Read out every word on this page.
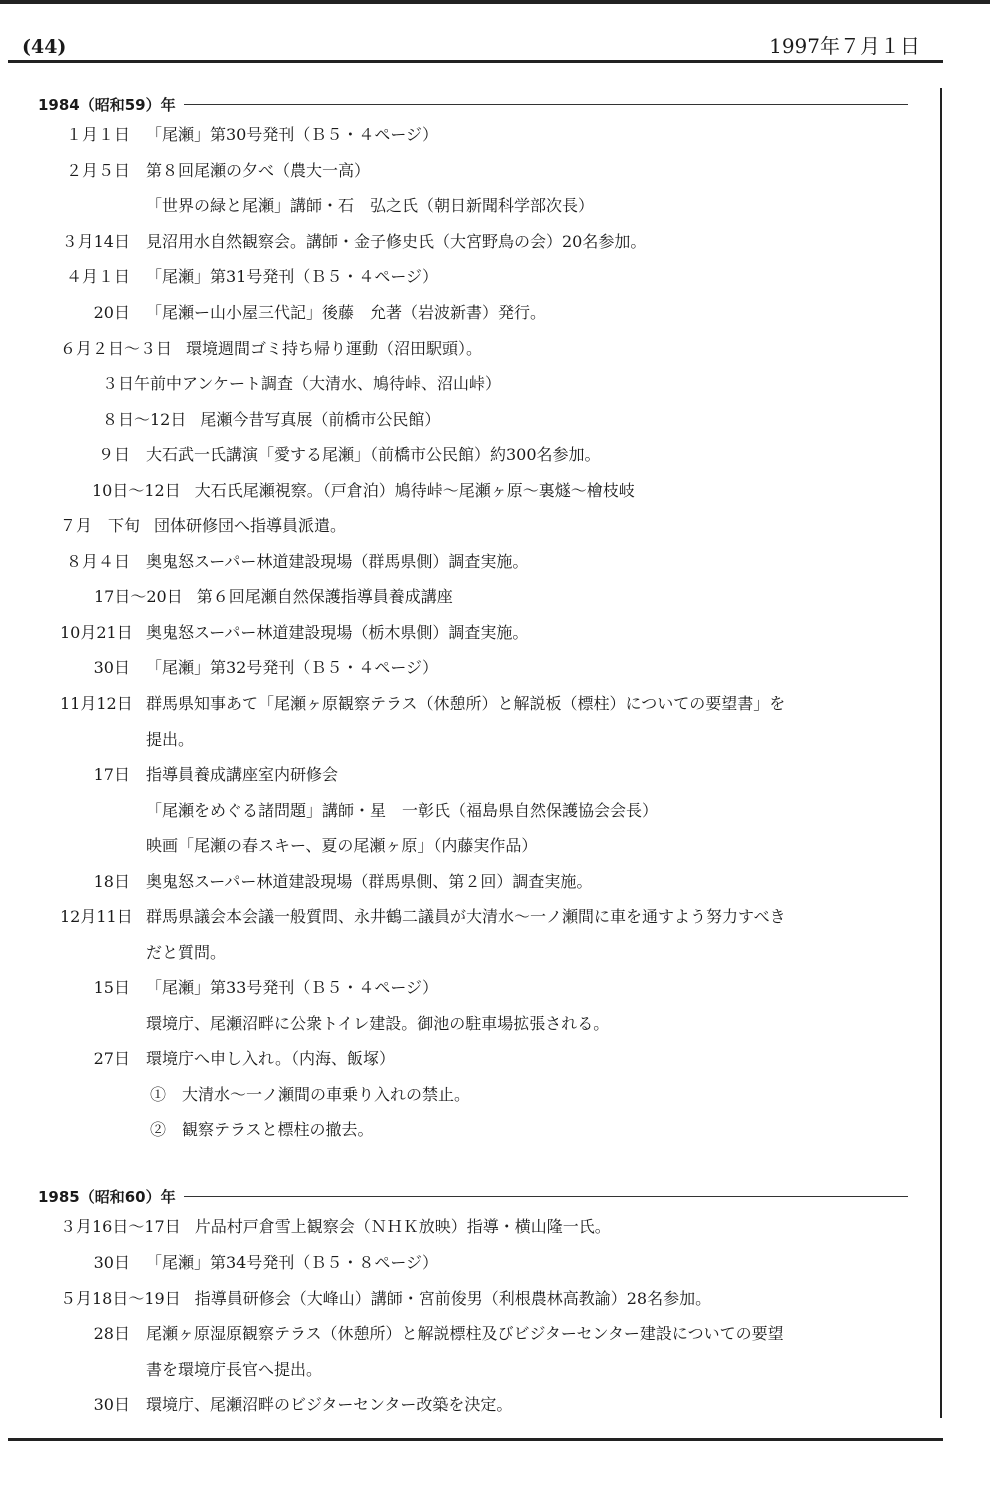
(44)	1997年７月１日
1984（昭和59）年
１月１日 「尾瀬」第30号発刊（Ｂ５・４ページ）
２月５日 第８回尾瀬の夕べ（農大一高）
「世界の緑と尾瀬」講師・石　弘之氏（朝日新聞科学部次長）
３月14日 見沼用水自然観察会。講師・金子修史氏（大宮野鳥の会）20名参加。
４月１日 「尾瀬」第31号発刊（Ｂ５・４ページ）
20日 「尾瀬ー山小屋三代記」後藤　允著（岩波新書）発行。
６月２日〜３日 環境週間ゴミ持ち帰り運動（沼田駅頭）。
３日午前中アンケート調査（大清水、鳩待峠、沼山峠）
８日〜12日 尾瀬今昔写真展（前橋市公民館）
９日 大石武一氏講演「愛する尾瀬」（前橋市公民館）約300名参加。
10日〜12日 大石氏尾瀬視察。（戸倉泊）鳩待峠〜尾瀬ヶ原〜裏燧〜檜枝岐
７月　下旬 団体研修団へ指導員派遣。
８月４日 奥鬼怒スーパー林道建設現場（群馬県側）調査実施。
17日〜20日 第６回尾瀬自然保護指導員養成講座
10月21日 奥鬼怒スーパー林道建設現場（栃木県側）調査実施。
30日 「尾瀬」第32号発刊（Ｂ５・４ページ）
11月12日 群馬県知事あて「尾瀬ヶ原観察テラス（休憩所）と解説板（標柱）についての要望書」を
提出。
17日 指導員養成講座室内研修会
「尾瀬をめぐる諸問題」講師・星　一彰氏（福島県自然保護協会会長）
映画「尾瀬の春スキー、夏の尾瀬ヶ原」（内藤実作品）
18日 奥鬼怒スーパー林道建設現場（群馬県側、第２回）調査実施。
12月11日 群馬県議会本会議一般質問、永井鶴二議員が大清水〜一ノ瀬間に車を通すよう努力すべき
だと質問。
15日 「尾瀬」第33号発刊（Ｂ５・４ページ）
環境庁、尾瀬沼畔に公衆トイレ建設。御池の駐車場拡張される。
27日 環境庁へ申し入れ。（内海、飯塚）
①　大清水〜一ノ瀬間の車乗り入れの禁止。
②　観察テラスと標柱の撤去。
1985（昭和60）年
３月16日〜17日 片品村戸倉雪上観察会（ＮＨＫ放映）指導・横山隆一氏。
30日 「尾瀬」第34号発刊（Ｂ５・８ページ）
５月18日〜19日 指導員研修会（大峰山）講師・宮前俊男（利根農林高教諭）28名参加。
28日 尾瀬ヶ原湿原観察テラス（休憩所）と解説標柱及びビジターセンター建設についての要望
書を環境庁長官へ提出。
30日 環境庁、尾瀬沼畔のビジターセンター改築を決定。
